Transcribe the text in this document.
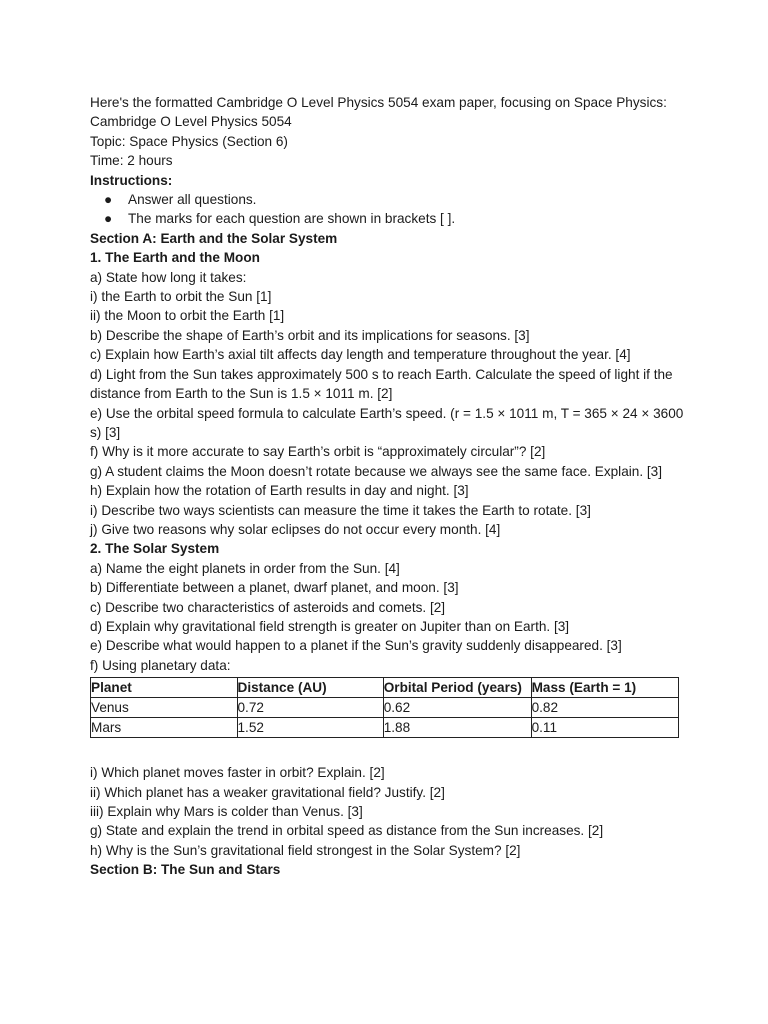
Here's the formatted Cambridge O Level Physics 5054 exam paper, focusing on Space Physics:

Cambridge O Level Physics 5054

Topic: Space Physics (Section 6)

Time: 2 hours

Instructions:

● Answer all questions.
● The marks for each question are shown in brackets [ ].

Section A: Earth and the Solar System

1. The Earth and the Moon

a) State how long it takes:

i) the Earth to orbit the Sun [1]

ii) the Moon to orbit the Earth [1]

b) Describe the shape of Earth’s orbit and its implications for seasons. [3]

c) Explain how Earth’s axial tilt affects day length and temperature throughout the year. [4]

d) Light from the Sun takes approximately 500 s to reach Earth. Calculate the speed of light if the distance from Earth to the Sun is 1.5 × 1011 m. [2]

e) Use the orbital speed formula to calculate Earth’s speed. (r = 1.5 × 1011 m, T = 365 × 24 × 3600 s) [3]

f) Why is it more accurate to say Earth’s orbit is “approximately circular”? [2]

g) A student claims the Moon doesn’t rotate because we always see the same face. Explain. [3]

h) Explain how the rotation of Earth results in day and night. [3]

i) Describe two ways scientists can measure the time it takes the Earth to rotate. [3]

j) Give two reasons why solar eclipses do not occur every month. [4]

2. The Solar System

a) Name the eight planets in order from the Sun. [4]

b) Differentiate between a planet, dwarf planet, and moon. [3]

c) Describe two characteristics of asteroids and comets. [2]

d) Explain why gravitational field strength is greater on Jupiter than on Earth. [3]

e) Describe what would happen to a planet if the Sun’s gravity suddenly disappeared. [3]

f) Using planetary data:

Planet	Distance (AU)	Orbital Period (years)	Mass (Earth = 1)
Venus	0.72	0.62	0.82
Mars	1.52	1.88	0.11

i) Which planet moves faster in orbit? Explain. [2]

ii) Which planet has a weaker gravitational field? Justify. [2]

iii) Explain why Mars is colder than Venus. [3]

g) State and explain the trend in orbital speed as distance from the Sun increases. [2]

h) Why is the Sun’s gravitational field strongest in the Solar System? [2]

Section B: The Sun and Stars
